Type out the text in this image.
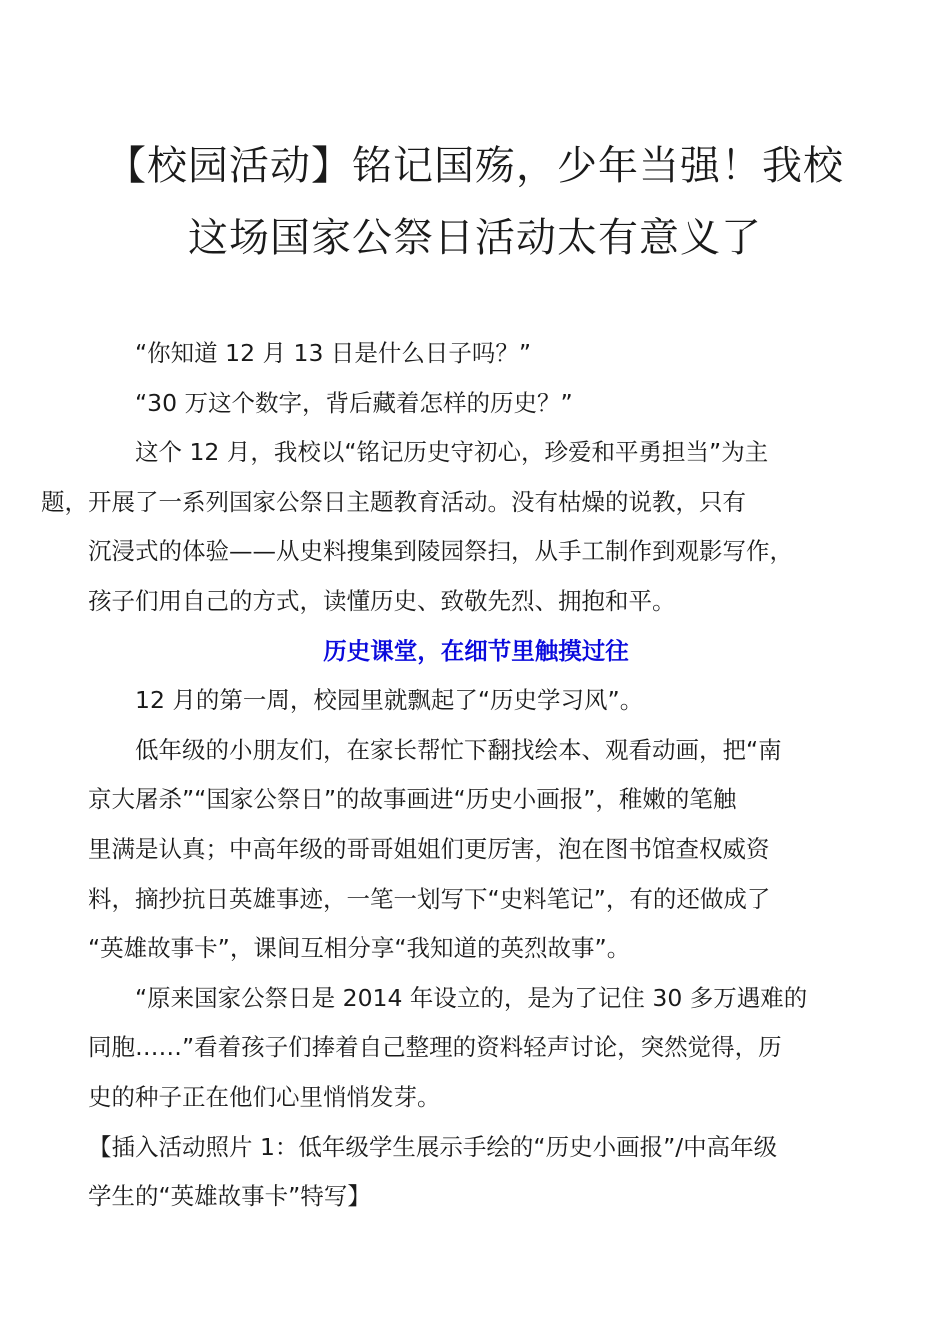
【校园活动】铭记国殇，少年当强！我校
这场国家公祭日活动太有意义了

“你知道 12 月 13 日是什么日子吗？”

“30 万这个数字，背后藏着怎样的历史？”

这个 12 月，我校以“铭记历史守初心，珍爱和平勇担当”为主
题，开展了一系列国家公祭日主题教育活动。没有枯燥的说教，只有
沉浸式的体验——从史料搜集到陵园祭扫，从手工制作到观影写作，
孩子们用自己的方式，读懂历史、致敬先烈、拥抱和平。

历史课堂，在细节里触摸过往

12 月的第一周，校园里就飘起了“历史学习风”。

低年级的小朋友们，在家长帮忙下翻找绘本、观看动画，把“南
京大屠杀”“国家公祭日”的故事画进“历史小画报”，稚嫩的笔触
里满是认真；中高年级的哥哥姐姐们更厉害，泡在图书馆查权威资
料，摘抄抗日英雄事迹，一笔一划写下“史料笔记”，有的还做成了
“英雄故事卡”，课间互相分享“我知道的英烈故事”。

“原来国家公祭日是 2014 年设立的，是为了记住 30 多万遇难的
同胞……”看着孩子们捧着自己整理的资料轻声讨论，突然觉得，历
史的种子正在他们心里悄悄发芽。

【插入活动照片 1：低年级学生展示手绘的“历史小画报”/中高年级
学生的“英雄故事卡”特写】
